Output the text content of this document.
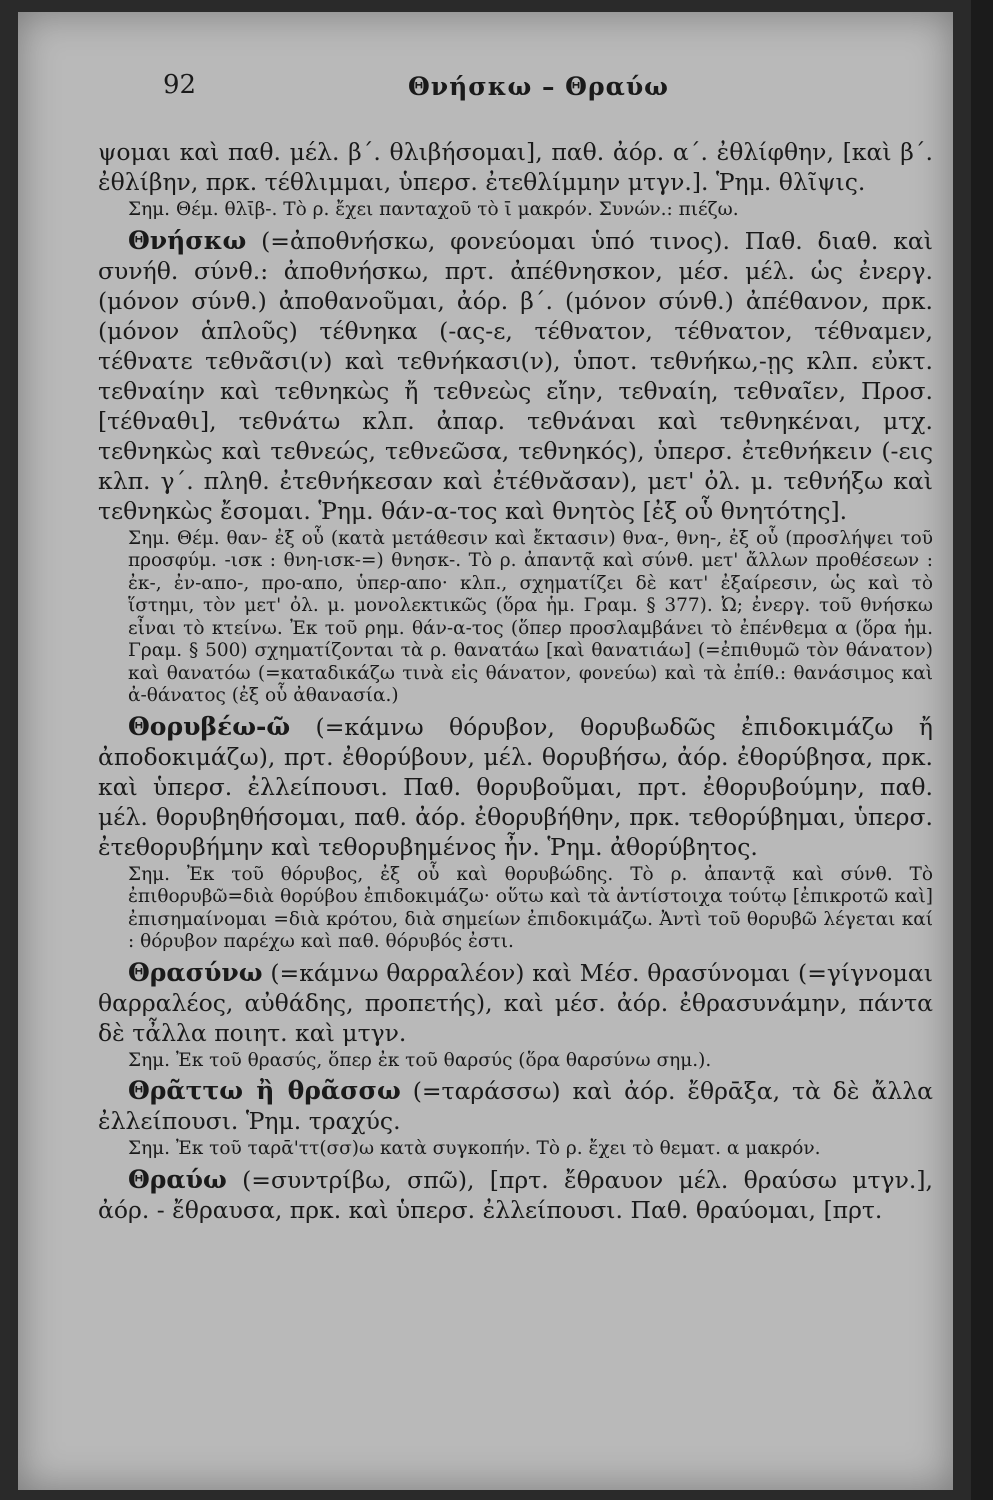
92	Θνήσκω – Θραύω

ψομαι καὶ παθ. μέλ. β΄. θλιβήσομαι], παθ. ἀόρ. α΄. ἐθλίφθην, [καὶ β΄. ἐθλίβην, πρκ. τέθλιμμαι, ὑπερσ. ἐτεθλίμμην μτγν.]. Ῥημ. θλῖψις.

Σημ. Θέμ. θλῑβ-. Τὸ ρ. ἔχει πανταχοῦ τὸ ῑ μακρόν. Συνών.: πιέζω.

Θνήσκω (=ἀποθνήσκω, φονεύομαι ὑπό τινος). Παθ. διαθ. καὶ συνήθ. σύνθ.: ἀποθνήσκω, πρτ. ἀπέθνησκον, μέσ. μέλ. ὡς ἐνεργ. (μόνον σύνθ.) ἀποθανοῦμαι, ἀόρ. β΄. (μόνον σύνθ.) ἀπέθανον, πρκ. (μόνον ἁπλοῦς) τέθνηκα (-ας-ε, τέθνατον, τέθνατον, τέθναμεν, τέθνατε τεθνᾶσι(ν) καὶ τεθνήκασι(ν), ὑποτ. τεθνήκω,-ῃς κλπ. εὐκτ. τεθναίην καὶ τεθνηκὼς ἤ τεθνεὼς εἴην, τεθναίη, τεθναῖεν, Προσ. [τέθναθι], τεθνάτω κλπ. ἀπαρ. τεθνάναι καὶ τεθνηκέναι, μτχ. τεθνηκὼς καὶ τεθνεώς, τεθνεῶσα, τεθνηκός), ὑπερσ. ἐτεθνήκειν (-εις κλπ. γ΄. πληθ. ἐτεθνήκεσαν καὶ ἐτέθνᾰσαν), μετ' ὀλ. μ. τεθνήξω καὶ τεθνηκὼς ἔσομαι. Ῥημ. θάν-α-τος καὶ θνητὸς [ἐξ οὗ θνητότης].

Σημ. Θέμ. θαν- ἐξ οὗ (κατὰ μετάθεσιν καὶ ἔκτασιν) θνα-, θνη-, ἐξ οὗ (προσλήψει τοῦ προσφύμ. -ισκ : θνη-ισκ-=) θνησκ-. Τὸ ρ. ἀπαντᾷ καὶ σύνθ. μετ' ἄλλων προθέσεων : ἐκ-, ἐν-απο-, προ-απο, ὑπερ-απο· κλπ., σχηματίζει δὲ κατ' ἐξαίρεσιν, ὡς καὶ τὸ ἵστημι, τὸν μετ' ὀλ. μ. μονολεκτικῶς (ὅρα ἡμ. Γραμ. § 377). Ὠ; ἐνεργ. τοῦ θνήσκω εἶναι τὸ κτείνω. Ἐκ τοῦ ρημ. θάν-α-τος (ὅπερ προσλαμβάνει τὸ ἐπένθεμα α (ὅρα ἡμ. Γραμ. § 500) σχηματίζονται τὰ ρ. θανατάω [καὶ θανατιάω] (=ἐπιθυμῶ τὸν θάνατον) καὶ θανατόω (=καταδικάζω τινὰ εἰς θάνατον, φονεύω) καὶ τὰ ἐπίθ.: θανάσιμος καὶ ἀ-θάνατος (ἐξ οὗ ἀθανασία.)

Θορυβέω-ῶ (=κάμνω θόρυβον, θορυβωδῶς ἐπιδοκιμάζω ἤ ἀποδοκιμάζω), πρτ. ἐθορύβουν, μέλ. θορυβήσω, ἀόρ. ἐθορύβησα, πρκ. καὶ ὑπερσ. ἐλλείπουσι. Παθ. θορυβοῦμαι, πρτ. ἐθορυβούμην, παθ. μέλ. θορυβηθήσομαι, παθ. ἀόρ. ἐθορυβήθην, πρκ. τεθορύβημαι, ὑπερσ. ἐτεθορυβήμην καὶ τεθορυβημένος ἦν. Ῥημ. ἀθορύβητος.

Σημ. Ἐκ τοῦ θόρυβος, ἐξ οὗ καὶ θορυβώδης. Τὸ ρ. ἀπαντᾷ καὶ σύνθ. Τὸ ἐπιθορυβῶ=διὰ θορύβου ἐπιδοκιμάζω· οὕτω καὶ τὰ ἀντίστοιχα τούτῳ [ἐπικροτῶ καὶ] ἐπισημαίνομαι =διὰ κρότου, διὰ σημείων ἐπιδοκιμάζω. Ἀντὶ τοῦ θορυβῶ λέγεται καί : θόρυβον παρέχω καὶ παθ. θόρυβός ἐστι.

Θρασύνω (=κάμνω θαρραλέον) καὶ Μέσ. θρασύνομαι (=γίγνομαι θαρραλέος, αὐθάδης, προπετής), καὶ μέσ. ἀόρ. ἐθρασυνάμην, πάντα δὲ τἆλλα ποιητ. καὶ μτγν.

Σημ. Ἐκ τοῦ θρασύς, ὅπερ ἐκ τοῦ θαρσύς (ὅρα θαρσύνω σημ.).

Θρᾶττω ἢ θρᾶσσω (=ταράσσω) καὶ ἀόρ. ἔθρᾱξα, τὰ δὲ ἄλλα ἐλλείπουσι. Ῥημ. τραχύς.

Σημ. Ἐκ τοῦ ταρᾱ'ττ(σσ)ω κατὰ συγκοπήν. Τὸ ρ. ἔχει τὸ θεματ. α μακρόν.

Θραύω (=συντρίβω, σπῶ), [πρτ. ἔθραυον μέλ. θραύσω μτγν.], ἀόρ. - ἔθραυσα, πρκ. καὶ ὑπερσ. ἐλλείπουσι. Παθ. θραύομαι, [πρτ.
